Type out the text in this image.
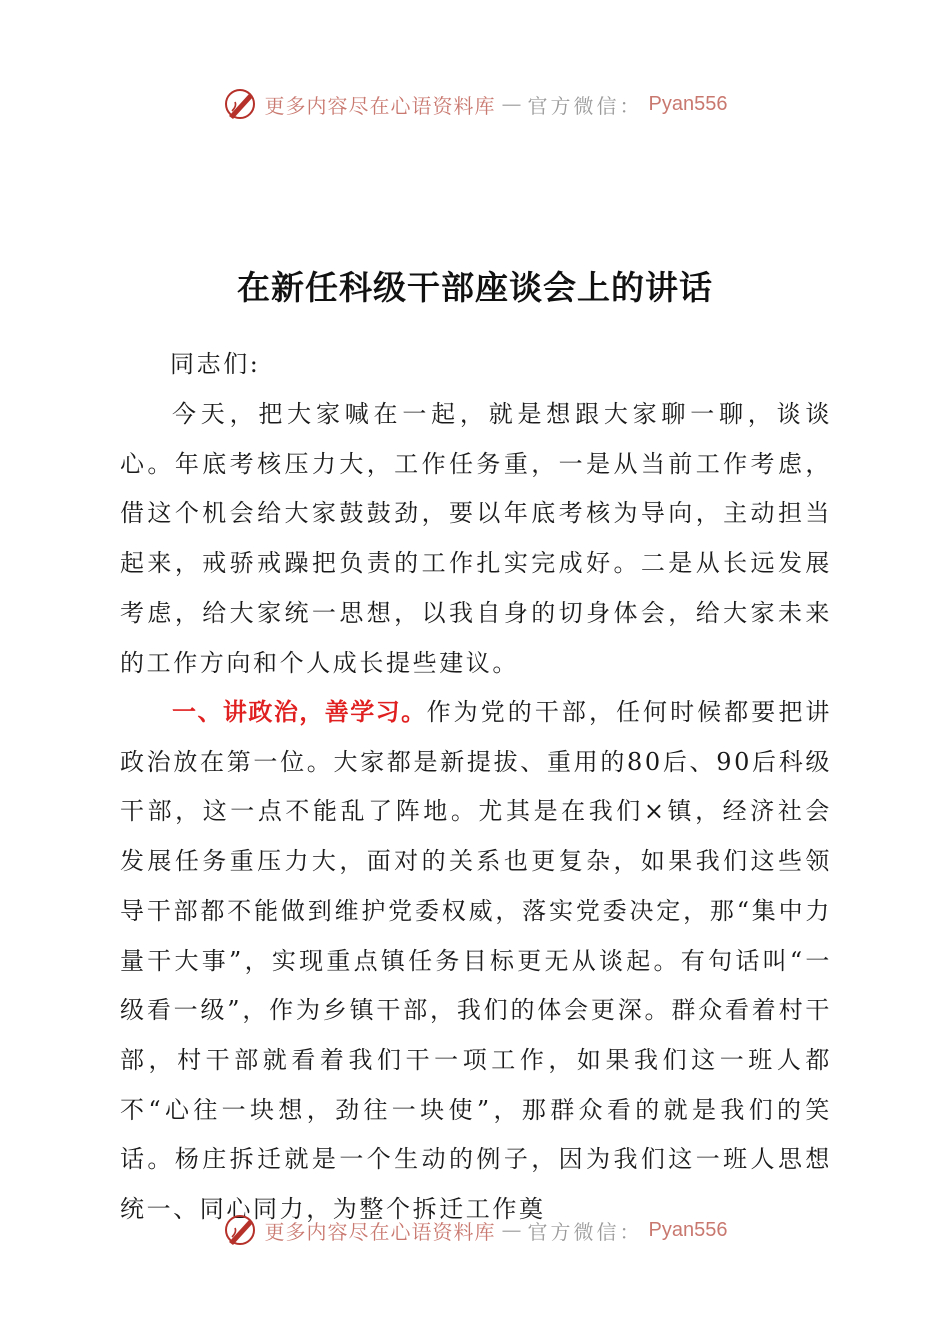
更多内容尽在心语资料库 — 官方微信： Pyan556
在新任科级干部座谈会上的讲话
同志们:

今天，把大家喊在一起，就是想跟大家聊一聊，谈谈心。年底考核压力大，工作任务重，一是从当前工作考虑，借这个机会给大家鼓鼓劲，要以年底考核为导向，主动担当起来，戒骄戒躁把负责的工作扎实完成好。二是从长远发展考虑，给大家统一思想，以我自身的切身体会，给大家未来的工作方向和个人成长提些建议。

一、讲政治，善学习。作为党的干部，任何时候都要把讲政治放在第一位。大家都是新提拔、重用的80后、90后科级干部，这一点不能乱了阵地。尤其是在我们×镇，经济社会发展任务重压力大，面对的关系也更复杂，如果我们这些领导干部都不能做到维护党委权威，落实党委决定，那“集中力量干大事”，实现重点镇任务目标更无从谈起。有句话叫“一级看一级”，作为乡镇干部，我们的体会更深。群众看着村干部，村干部就看着我们干一项工作，如果我们这一班人都不“心往一块想，劲往一块使”，那群众看的就是我们的笑话。杨庄拆迁就是一个生动的例子，因为我们这一班人思想统一、同心同力，为整个拆迁工作奠

更多内容尽在心语资料库 — 官方微信： Pyan556
